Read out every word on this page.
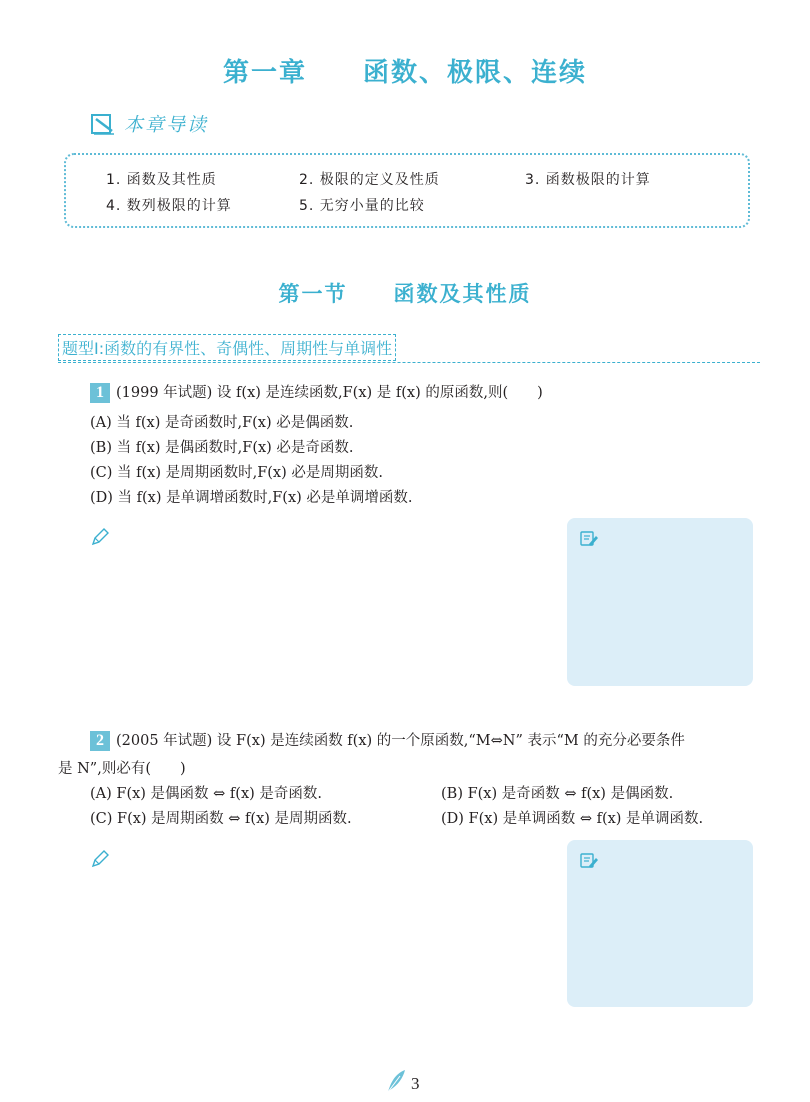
第一章　　函数、极限、连续
本章导读
1. 函数及其性质	2. 极限的定义及性质	3. 函数极限的计算
4. 数列极限的计算	5. 无穷小量的比较
第一节　　函数及其性质
题型Ⅰ:函数的有界性、奇偶性、周期性与单调性
1 (1999 年试题) 设 f(x) 是连续函数,F(x) 是 f(x) 的原函数,则(　　)
(A) 当 f(x) 是奇函数时,F(x) 必是偶函数.
(B) 当 f(x) 是偶函数时,F(x) 必是奇函数.
(C) 当 f(x) 是周期函数时,F(x) 必是周期函数.
(D) 当 f(x) 是单调增函数时,F(x) 必是单调增函数.
2 (2005 年试题) 设 F(x) 是连续函数 f(x) 的一个原函数,“M⇔N” 表示“M 的充分必要条件
是 N”,则必有(　　)
(A) F(x) 是偶函数 ⇔ f(x) 是奇函数.	(B) F(x) 是奇函数 ⇔ f(x) 是偶函数.
(C) F(x) 是周期函数 ⇔ f(x) 是周期函数.	(D) F(x) 是单调函数 ⇔ f(x) 是单调函数.
3
